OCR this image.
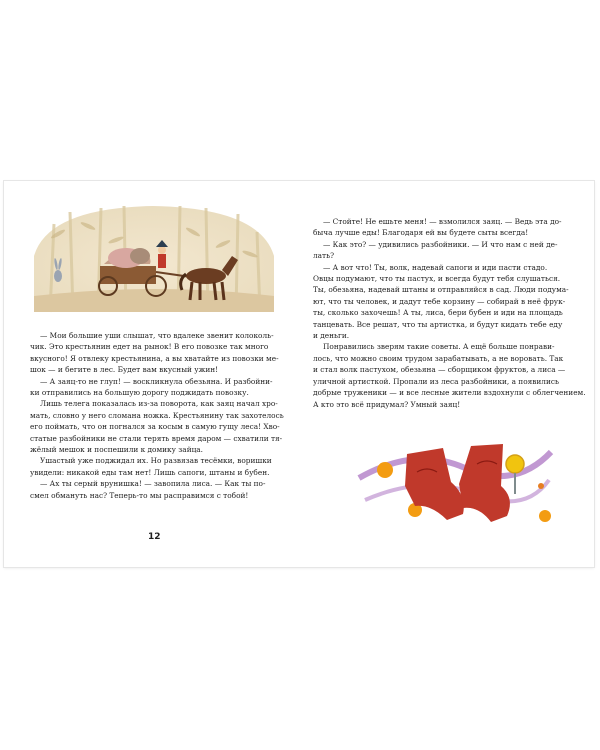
— Мои большие уши слышат, что вдалеке звенит колоколь-
чик. Это крестьянин едет на рынок! В его повозке так много
вкусного! Я отвлеку крестьянина, а вы хватайте из повозки ме-
шок — и бегите в лес. Будет вам вкусный ужин!

— А заяц-то не глуп! — воскликнула обезьяна. И разбойни-
ки отправились на большую дорогу поджидать повозку.

Лишь телега показалась из-за поворота, как заяц начал хро-
мать, словно у него сломана ножка. Крестьянину так захотелось
его поймать, что он погнался за косым в самую гущу леса! Хво-
статые разбойники не стали терять время даром — схватили тя-
жёлый мешок и поспешили к домику зайца.

Ушастый уже поджидал их. Но развязав тесёмки, воришки
увидели: никакой еды там нет! Лишь сапоги, штаны и бубен.

— Ах ты серый врунишка! — завопила лиса. — Как ты по-
смел обмануть нас? Теперь-то мы расправимся с тобой!

12

— Стойте! Не ешьте меня! — взмолился заяц. — Ведь эта до-
быча лучше еды! Благодаря ей вы будете сыты всегда!

— Как это? — удивились разбойники. — И что нам с ней де-
лать?

— А вот что! Ты, волк, надевай сапоги и иди пасти стадо.
Овцы подумают, что ты пастух, и всегда будут тебя слушаться.
Ты, обезьяна, надевай штаны и отправляйся в сад. Люди подума-
ют, что ты человек, и дадут тебе корзину — собирай в неё фрук-
ты, сколько захочешь! А ты, лиса, бери бубен и иди на площадь
танцевать. Все решат, что ты артистка, и будут кидать тебе еду
и деньги.

Понравились зверям такие советы. А ещё больше понрави-
лось, что можно своим трудом зарабатывать, а не воровать. Так
и стал волк пастухом, обезьяна — сборщиком фруктов, а лиса —
уличной артисткой. Пропали из леса разбойники, а появились
добрые труженики — и все лесные жители вздохнули с облегчением.
А кто это всё придумал? Умный заяц!
